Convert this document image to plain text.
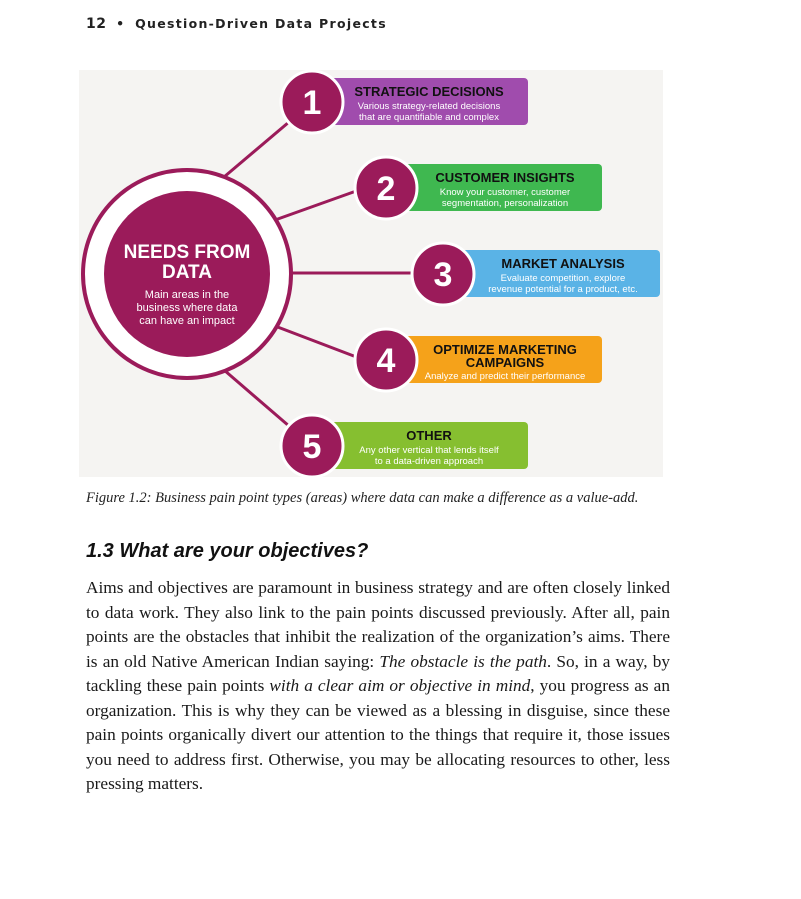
12 • Question-Driven Data Projects
NEEDS FROM
DATA
Main areas in the
business where data
can have an impact
1	STRATEGIC DECISIONS
Various strategy-related decisions
that are quantifiable and complex
2	CUSTOMER INSIGHTS
Know your customer, customer
segmentation, personalization
3	MARKET ANALYSIS
Evaluate competition, explore
revenue potential for a product, etc.
4	OPTIMIZE MARKETING
CAMPAIGNS
Analyze and predict their performance
5	OTHER
Any other vertical that lends itself
to a data-driven approach
Figure 1.2: Business pain point types (areas) where data can make a difference as a value-add.
1.3 What are your objectives?
Aims and objectives are paramount in business strategy and are often closely linked to data work. They also link to the pain points discussed previously. After all, pain points are the obstacles that inhibit the realization of the organization’s aims. There is an old Native American Indian saying: The obstacle is the path. So, in a way, by tackling these pain points with a clear aim or objective in mind, you progress as an organization. This is why they can be viewed as a blessing in disguise, since these pain points organically divert our attention to the things that require it, those issues you need to address first. Otherwise, you may be allocating resources to other, less pressing matters.
